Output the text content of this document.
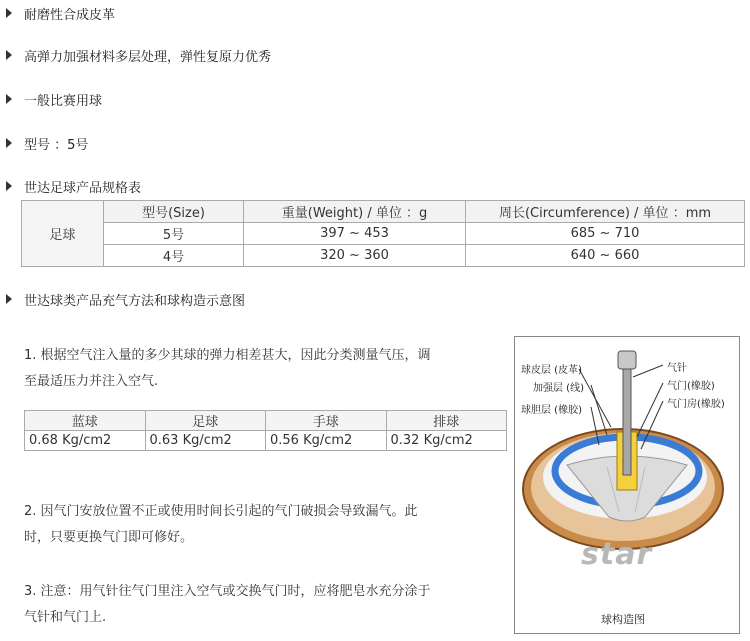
耐磨性合成皮革
高弹力加强材料多层处理，弹性复原力优秀
一般比赛用球
型号 ：5号
世达足球产品规格表
世达球类产品充气方法和球构造示意图
足球	型号(Size)	重量(Weight) / 单位 ：g	周长(Circumference) / 单位 ：mm
	5号	397 ~ 453	685 ~ 710
	4号	320 ~ 360	640 ~ 660
1. 根据空气注入量的多少其球的弹力相差甚大，因此分类测量气压，调
至最适压力并注入空气.
蓝球	足球	手球	排球
0.68 Kg/cm2	0.63 Kg/cm2	0.56 Kg/cm2	0.32 Kg/cm2
2. 因气门安放位置不正或使用时间长引起的气门破损会导致漏气。此
时，只要更换气门即可修好。
3. 注意：用气针往气门里注入空气或交换气门时，应将肥皂水充分涂于
气针和气门上.
球皮层 (皮革)
加强层 (线)
球胆层 (橡胶)
气针
气门(橡胶)
气门房(橡胶)
star
球构造图
